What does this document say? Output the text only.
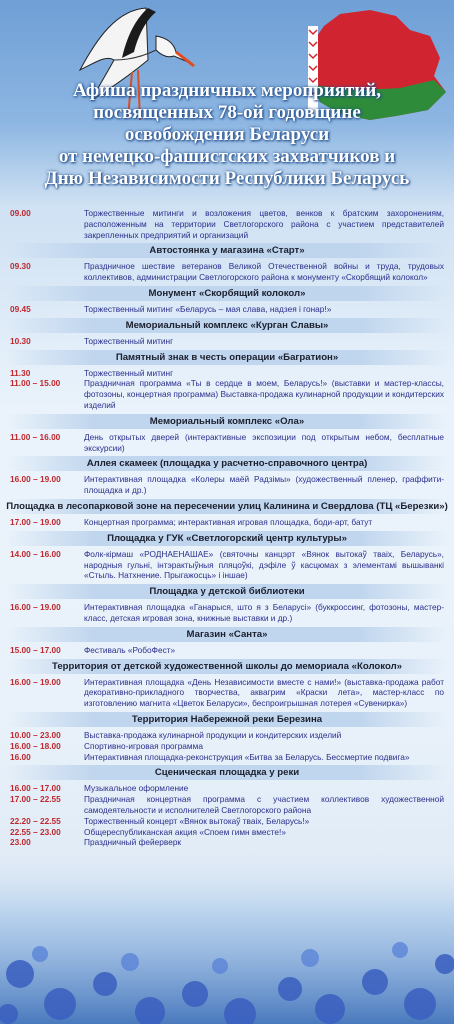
Афиша праздничных мероприятий,
посвященных 78-ой годовщине
освобождения Беларуси
от немецко-фашистских захватчиков и
Дню Независимости Республики Беларусь
09.00	Торжественные митинги и возложения цветов, венков к братским захоронениям, расположенным на территории Светлогорского района с участием представителей закрепленных предприятий и организаций
Автостоянка у магазина «Старт»
09.30	Праздничное шествие ветеранов Великой Отечественной войны и труда, трудовых коллективов, администрации Светлогорского района к монументу «Скорбящий колокол»
Монумент «Скорбящий колокол»
09.45	Торжественный митинг «Беларусь – мая слава, надзея i гонар!»
Мемориальный комплекс «Курган Славы»
10.30	Торжественный митинг
Памятный знак в честь операции «Багратион»
11.30	Торжественный митинг
11.00 – 15.00	Праздничная программа «Ты в сердце в моем, Беларусь!» (выставки и мастер-классы, фотозоны, концертная программа) Выставка-продажа кулинарной продукции и кондитерских изделий
Мемориальный комплекс «Ола»
11.00 – 16.00	День открытых дверей (интерактивные экспозиции под открытым небом, бесплатные экскурсии)
Аллея скамеек (площадка у расчетно-справочного центра)
16.00 – 19.00	Интерактивная площадка «Колеры маёй Радзiмы» (художественный пленер, граффити-площадка и др.)
Площадка в лесопарковой зоне на пересечении улиц Калинина и Свердлова (ТЦ «Березки»)
17.00 – 19.00	Концертная программа; интерактивная игровая площадка, боди-арт, батут
Площадка у ГУК «Светлогорский центр культуры»
14.00 – 16.00	Фолк-кiрмаш «РОДНАЕНАШАЕ» (святочны канцэрт «Вянок вытокаў тваіх, Беларусь», народныя гульнi, iнтэрактыўныя пляцоўкi, дэфiле ў касцюмах з элементамi вышыванкi «Стыль. Натхнение. Прыгажосць» i iншае)
Площадка у детской библиотеки
16.00 – 19.00	Интерактивная площадка «Ганарыся, што я з Беларусi» (буккроссинг, фотозоны, мастер-класс, детская игровая зона, книжные выставки и др.)
Магазин «Санта»
15.00 – 17.00	Фестиваль «РобоФест»
Территория от детской художественной школы до мемориала «Колокол»
16.00 – 19.00	Интерактивная площадка «День Независимости вместе с нами!» (выставка-продажа работ декоративно-прикладного творчества, аквагрим «Краски лета», мастер-класс по изготовлению магнита «Цветок Беларуси», беспроигрышная лотерея «Сувенирка»)
Территория Набережной реки Березина
10.00 – 23.00	Выставка-продажа кулинарной продукции и кондитерских изделий
16.00 – 18.00	Спортивно-игровая программа
16.00	Интерактивная площадка-реконструкция «Битва за Беларусь. Бессмертие подвига»
Сценическая площадка у реки
16.00 – 17.00	Музыкальное оформление
17.00 – 22.55	Праздничная концертная программа с участием коллективов художественной самодеятельности и исполнителей Светлогорского района
22.20 – 22.55	Торжественный концерт «Вянок вытокаў тваіх, Беларусь!»
22.55 – 23.00	Общереспубликанская акция «Споем гимн вместе!»
23.00	Праздничный фейерверк
